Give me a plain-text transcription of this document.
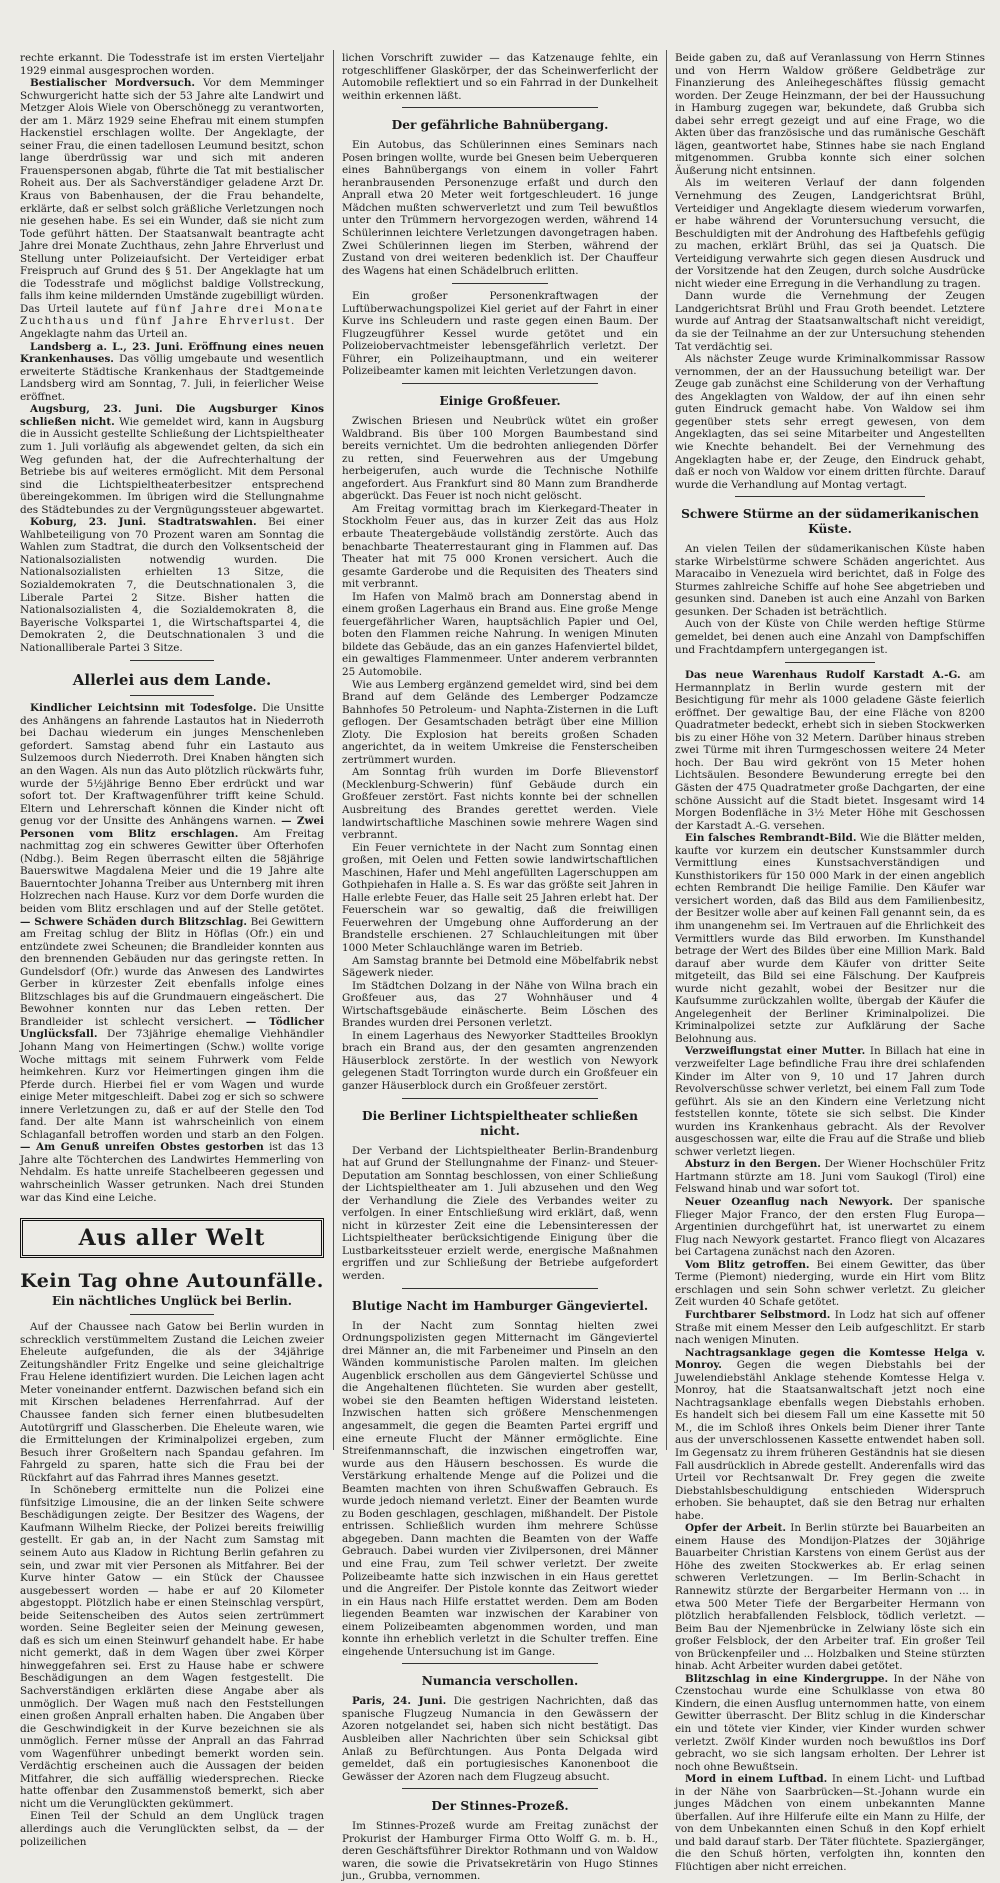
rechte erkannt. Die Todesstrafe ist im ersten Vierteljahr 1929 einmal ausgesprochen worden.

Bestialischer Mordversuch. Vor dem Memminger Schwurgericht hatte sich der 53 Jahre alte Landwirt und Metzger Alois Wiele von Oberschönegg zu verantworten, der am 1. März 1929 seine Ehefrau mit einem stumpfen Hackenstiel erschlagen wollte. Der Angeklagte, der seiner Frau, die einen tadellosen Leumund besitzt, schon lange überdrüssig war und sich mit anderen Frauenspersonen abgab, führte die Tat mit bestialischer Roheit aus. Der als Sachverständiger geladene Arzt Dr. Kraus von Babenhausen, der die Frau behandelte, erklärte, daß er selbst solch gräßliche Verletzungen noch nie gesehen habe. Es sei ein Wunder, daß sie nicht zum Tode geführt hätten. Der Staatsanwalt beantragte acht Jahre drei Monate Zuchthaus, zehn Jahre Ehrverlust und Stellung unter Polizeiaufsicht. Der Verteidiger erbat Freispruch auf Grund des § 51. Der Angeklagte hat um die Todesstrafe und möglichst baldige Vollstreckung, falls ihm keine mildernden Umstände zugebilligt würden. Das Urteil lautete auf fünf Jahre drei Monate Zuchthaus und fünf Jahre Ehrverlust. Der Angeklagte nahm das Urteil an.

Landsberg a. L., 23. Juni. Eröffnung eines neuen Krankenhauses. Das völlig umgebaute und wesentlich erweiterte Städtische Krankenhaus der Stadtgemeinde Landsberg wird am Sonntag, 7. Juli, in feierlicher Weise eröffnet.

Augsburg, 23. Juni. Die Augsburger Kinos schließen nicht. Wie gemeldet wird, kann in Augsburg die in Aussicht gestellte Schließung der Lichtspieltheater zum 1. Juli vorläufig als abgewendet gelten, da sich ein Weg gefunden hat, der die Aufrechterhaltung der Betriebe bis auf weiteres ermöglicht. Mit dem Personal sind die Lichtspieltheaterbesitzer entsprechend übereingekommen. Im übrigen wird die Stellungnahme des Städtebundes zu der Vergnügungssteuer abgewartet.

Koburg, 23. Juni. Stadtratswahlen. Bei einer Wahlbeteiligung von 70 Prozent waren am Sonntag die Wahlen zum Stadtrat, die durch den Volksentscheid der Nationalsozialisten notwendig wurden. Die Nationalsozialisten erhielten 13 Sitze, die Sozialdemokraten 7, die Deutschnationalen 3, die Liberale Partei 2 Sitze. Bisher hatten die Nationalsozialisten 4, die Sozialdemokraten 8, die Bayerische Volkspartei 1, die Wirtschaftspartei 4, die Demokraten 2, die Deutschnationalen 3 und die Nationalliberale Partei 3 Sitze.

Allerlei aus dem Lande.

Kindlicher Leichtsinn mit Todesfolge. Die Unsitte des Anhängens an fahrende Lastautos hat in Niederroth bei Dachau wiederum ein junges Menschenleben gefordert. Samstag abend fuhr ein Lastauto aus Sulzemoos durch Niederroth. Drei Knaben hängten sich an den Wagen. Als nun das Auto plötzlich rückwärts fuhr, wurde der 5½jährige Benno Eber erdrückt und war sofort tot. Der Kraftwagenführer trifft keine Schuld. Eltern und Lehrerschaft können die Kinder nicht oft genug vor der Unsitte des Anhängens warnen. — Zwei Personen vom Blitz erschlagen. Am Freitag nachmittag zog ein schweres Gewitter über Ofterhofen (Ndbg.). Beim Regen überrascht eilten die 58jährige Bauerswitwe Magdalena Meier und die 19 Jahre alte Bauerntochter Johanna Treiber aus Unternberg mit ihren Holzrechen nach Hause. Kurz vor dem Dorfe wurden die beiden vom Blitz erschlagen und auf der Stelle getötet. — Schwere Schäden durch Blitzschlag. Bei Gewittern am Freitag schlug der Blitz in Höflas (Ofr.) ein und entzündete zwei Scheunen; die Brandleider konnten aus den brennenden Gebäuden nur das geringste retten. In Gundelsdorf (Ofr.) wurde das Anwesen des Landwirtes Gerber in kürzester Zeit ebenfalls infolge eines Blitzschlages bis auf die Grundmauern eingeäschert. Die Bewohner konnten nur das Leben retten. Der Brandleider ist schlecht versichert. — Tödlicher Unglücksfall. Der 73jährige ehemalige Viehhändler Johann Mang von Heimertingen (Schw.) wollte vorige Woche mittags mit seinem Fuhrwerk vom Felde heimkehren. Kurz vor Heimertingen gingen ihm die Pferde durch. Hierbei fiel er vom Wagen und wurde einige Meter mitgeschleift. Dabei zog er sich so schwere innere Verletzungen zu, daß er auf der Stelle den Tod fand. Der alte Mann ist wahrscheinlich von einem Schlaganfall betroffen worden und starb an den Folgen. — Am Genuß unreifen Obstes gestorben ist das 13 Jahre alte Töchterchen des Landwirtes Hemmerling von Nehdalm. Es hatte unreife Stachelbeeren gegessen und wahrscheinlich Wasser getrunken. Nach drei Stunden war das Kind eine Leiche.

Aus aller Welt
Kein Tag ohne Autounfälle.
Ein nächtliches Unglück bei Berlin.

Auf der Chaussee nach Gatow bei Berlin wurden in schrecklich verstümmeltem Zustand die Leichen zweier Eheleute aufgefunden, die als der 34jährige Zeitungshändler Fritz Engelke und seine gleichaltrige Frau Helene identifiziert wurden. Die Leichen lagen acht Meter voneinander entfernt. Dazwischen befand sich ein mit Kirschen beladenes Herrenfahrrad. Auf der Chaussee fanden sich ferner einen blutbesudelten Autotürgriff und Glasscherben. Die Eheleute waren, wie die Ermittelungen der Kriminalpolizei ergeben, zum Besuch ihrer Großeltern nach Spandau gefahren. Im Fahrgeld zu sparen, hatte sich die Frau bei der Rückfahrt auf das Fahrrad ihres Mannes gesetzt.

In Schöneberg ermittelte nun die Polizei eine fünfsitzige Limousine, die an der linken Seite schwere Beschädigungen zeigte. Der Besitzer des Wagens, der Kaufmann Wilhelm Riecke, der Polizei bereits freiwillig gestellt. Er gab an, in der Nacht zum Samstag mit seinem Auto aus Kladow in Richtung Berlin gefahren zu sein, und zwar mit vier Personen als Mitfahrer. Bei der Kurve hinter Gatow — ein Stück der Chaussee ausgebessert worden — habe er auf 20 Kilometer abgestoppt. Plötzlich habe er einen Steinschlag verspürt, beide Seitenscheiben des Autos seien zertrümmert worden. Seine Begleiter seien der Meinung gewesen, daß es sich um einen Steinwurf gehandelt habe. Er habe nicht gemerkt, daß in dem Wagen über zwei Körper hinweggefahren sei. Erst zu Hause habe er schwere Beschädigungen an dem Wagen festgestellt. Die Sachverständigen erklärten diese Angabe aber als unmöglich. Der Wagen muß nach den Feststellungen einen großen Anprall erhalten haben. Die Angaben über die Geschwindigkeit in der Kurve bezeichnen sie als unmöglich. Ferner müsse der Anprall an das Fahrrad vom Wagenführer unbedingt bemerkt worden sein. Verdächtig erscheinen auch die Aussagen der beiden Mitfahrer, die sich auffällig wiedersprechen. Riecke hatte offenbar den Zusammenstoß bemerkt, sich aber nicht um die Verunglückten gekümmert.

Einen Teil der Schuld an dem Unglück tragen allerdings auch die Verunglückten selbst, da — der polizeilichen

lichen Vorschrift zuwider — das Katzenauge fehlte, ein rotgeschliffener Glaskörper, der das Scheinwerferlicht der Automobile reflektiert und so ein Fahrrad in der Dunkelheit weithin erkennen läßt.

Der gefährliche Bahnübergang.

Ein Autobus, das Schülerinnen eines Seminars nach Posen bringen wollte, wurde bei Gnesen beim Ueberqueren eines Bahnübergangs von einem in voller Fahrt heranbrausenden Personenzuge erfaßt und durch den Anprall etwa 20 Meter weit fortgeschleudert. 16 junge Mädchen mußten schwerverletzt und zum Teil bewußtlos unter den Trümmern hervorgezogen werden, während 14 Schülerinnen leichtere Verletzungen davongetragen haben. Zwei Schülerinnen liegen im Sterben, während der Zustand von drei weiteren bedenklich ist. Der Chauffeur des Wagens hat einen Schädelbruch erlitten.

Ein großer Personenkraftwagen der Luftüberwachungspolizei Kiel geriet auf der Fahrt in einer Kurve ins Schleudern und raste gegen einen Baum. Der Flugzeugführer Kessel wurde getötet und ein Polizeiobervachtmeister lebensgefährlich verletzt. Der Führer, ein Polizeihauptmann, und ein weiterer Polizeibeamter kamen mit leichten Verletzungen davon.

Einige Großfeuer.

Zwischen Briesen und Neubrück wütet ein großer Waldbrand. Bis über 100 Morgen Baumbestand sind bereits vernichtet. Um die bedrohten anliegenden Dörfer zu retten, sind Feuerwehren aus der Umgebung herbeigerufen, auch wurde die Technische Nothilfe angefordert. Aus Frankfurt sind 80 Mann zum Brandherde abgerückt. Das Feuer ist noch nicht gelöscht.

Am Freitag vormittag brach im Kierkegard-Theater in Stockholm Feuer aus, das in kurzer Zeit das aus Holz erbaute Theatergebäude vollständig zerstörte. Auch das benachbarte Theaterrestaurant ging in Flammen auf. Das Theater hat mit 75 000 Kronen versichert. Auch die gesamte Garderobe und die Requisiten des Theaters sind mit verbrannt.

Im Hafen von Malmö brach am Donnerstag abend in einem großen Lagerhaus ein Brand aus. Eine große Menge feuergefährlicher Waren, hauptsächlich Papier und Oel, boten den Flammen reiche Nahrung. In wenigen Minuten bildete das Gebäude, das an ein ganzes Hafenviertel bildet, ein gewaltiges Flammenmeer. Unter anderem verbrannten 25 Automobile.

Wie aus Lemberg ergänzend gemeldet wird, sind bei dem Brand auf dem Gelände des Lemberger Podzamcze Bahnhofes 50 Petroleum- und Naphta-Zisternen in die Luft geflogen. Der Gesamtschaden beträgt über eine Million Zloty. Die Explosion hat bereits großen Schaden angerichtet, da in weitem Umkreise die Fensterscheiben zertrümmert wurden.

Am Sonntag früh wurden im Dorfe Blievenstorf (Mecklenburg-Schwerin) fünf Gebäude durch ein Großfeuer zerstört. Fast nichts konnte bei der schnellen Ausbreitung des Brandes gerettet werden. Viele landwirtschaftliche Maschinen sowie mehrere Wagen sind verbrannt.

Ein Feuer vernichtete in der Nacht zum Sonntag einen großen, mit Oelen und Fetten sowie landwirtschaftlichen Maschinen, Hafer und Mehl angefüllten Lagerschuppen am Gothpiehafen in Halle a. S. Es war das größte seit Jahren in Halle erlebte Feuer, das Halle seit 25 Jahren erlebt hat. Der Feuerschein war so gewaltig, daß die freiwilligen Feuerwehren der Umgebung ohne Aufforderung an der Brandstelle erschienen. 27 Schlauchleitungen mit über 1000 Meter Schlauchlänge waren im Betrieb.

Am Samstag brannte bei Detmold eine Möbelfabrik nebst Sägewerk nieder.

Im Städtchen Dolzang in der Nähe von Wilna brach ein Großfeuer aus, das 27 Wohnhäuser und 4 Wirtschaftsgebäude einäscherte. Beim Löschen des Brandes wurden drei Personen verletzt.

In einem Lagerhaus des Newyorker Stadtteiles Brooklyn brach ein Brand aus, der den gesamten angrenzenden Häuserblock zerstörte. In der westlich von Newyork gelegenen Stadt Torrington wurde durch ein Großfeuer ein ganzer Häuserblock durch ein Großfeuer zerstört.

Die Berliner Lichtspieltheater schließen nicht.

Der Verband der Lichtspieltheater Berlin-Brandenburg hat auf Grund der Stellungnahme der Finanz- und Steuer-Deputation am Sonntag beschlossen, von einer Schließung der Lichtspieltheater am 1. Juli abzusehen und den Weg der Verhandlung die Ziele des Verbandes weiter zu verfolgen. In einer Entschließung wird erklärt, daß, wenn nicht in kürzester Zeit eine die Lebensinteressen der Lichtspieltheater berücksichtigende Einigung über die Lustbarkeitssteuer erzielt werde, energische Maßnahmen ergriffen und zur Schließung der Betriebe aufgefordert werden.

Blutige Nacht im Hamburger Gängeviertel.

In der Nacht zum Sonntag hielten zwei Ordnungspolizisten gegen Mitternacht im Gängeviertel drei Männer an, die mit Farbeneimer und Pinseln an den Wänden kommunistische Parolen malten. Im gleichen Augenblick erschollen aus dem Gängeviertel Schüsse und die Angehaltenen flüchteten. Sie wurden aber gestellt, wobei sie den Beamten heftigen Widerstand leisteten. Inzwischen hatten sich größere Menschenmengen angesammelt, die gegen die Beamten Partei ergriff und eine erneute Flucht der Männer ermöglichte. Eine Streifenmannschaft, die inzwischen eingetroffen war, wurde aus den Häusern beschossen. Es wurde die Verstärkung erhaltende Menge auf die Polizei und die Beamten machten von ihren Schußwaffen Gebrauch. Es wurde jedoch niemand verletzt. Einer der Beamten wurde zu Boden geschlagen, geschlagen, mißhandelt. Der Pistole entrissen. Schließlich wurden ihm mehrere Schüsse abgegeben. Dann machten die Beamten von der Waffe Gebrauch. Dabei wurden vier Zivilpersonen, drei Männer und eine Frau, zum Teil schwer verletzt. Der zweite Polizeibeamte hatte sich inzwischen in ein Haus gerettet und die Angreifer. Der Pistole konnte das Zeitwort wieder in ein Haus nach Hilfe erstattet werden. Dem am Boden liegenden Beamten war inzwischen der Karabiner von einem Polizeibeamten abgenommen worden, und man konnte ihn erheblich verletzt in die Schulter treffen. Eine eingehende Untersuchung ist im Gange.

Numancia verschollen.

Paris, 24. Juni. Die gestrigen Nachrichten, daß das spanische Flugzeug Numancia in den Gewässern der Azoren notgelandet sei, haben sich nicht bestätigt. Das Ausbleiben aller Nachrichten über sein Schicksal gibt Anlaß zu Befürchtungen. Aus Ponta Delgada wird gemeldet, daß ein portugiesisches Kanonenboot die Gewässer der Azoren nach dem Flugzeug absucht.

Der Stinnes-Prozeß.

Im Stinnes-Prozeß wurde am Freitag zunächst der Prokurist der Hamburger Firma Otto Wolff G. m. b. H., deren Geschäftsführer Direktor Rothmann und von Waldow waren, die sowie die Privatsekretärin von Hugo Stinnes jun., Grubba, vernommen.

Beide gaben zu, daß auf Veranlassung von Herrn Stinnes und von Herrn Waldow größere Geldbeträge zur Finanzierung des Anleihegeschäftes flüssig gemacht worden. Der Zeuge Heinzmann, der bei der Haussuchung in Hamburg zugegen war, bekundete, daß Grubba sich dabei sehr erregt gezeigt und auf eine Frage, wo die Akten über das französische und das rumänische Geschäft lägen, geantwortet habe, Stinnes habe sie nach England mitgenommen. Grubba konnte sich einer solchen Äußerung nicht entsinnen.

Als im weiteren Verlauf der dann folgenden Vernehmung des Zeugen, Landgerichtsrat Brühl, Verteidiger und Angeklagte diesem wiederum vorwarfen, er habe während der Voruntersuchung versucht, die Beschuldigten mit der Androhung des Haftbefehls gefügig zu machen, erklärt Brühl, das sei ja Quatsch. Die Verteidigung verwahrte sich gegen diesen Ausdruck und der Vorsitzende hat den Zeugen, durch solche Ausdrücke nicht wieder eine Erregung in die Verhandlung zu tragen.

Dann wurde die Vernehmung der Zeugen Landgerichtsrat Brühl und Frau Groth beendet. Letztere wurde auf Antrag der Staatsanwaltschaft nicht vereidigt, da sie der Teilnahme an der zur Untersuchung stehenden Tat verdächtig sei.

Als nächster Zeuge wurde Kriminalkommissar Rassow vernommen, der an der Haussuchung beteiligt war. Der Zeuge gab zunächst eine Schilderung von der Verhaftung des Angeklagten von Waldow, der auf ihn einen sehr guten Eindruck gemacht habe. Von Waldow sei ihm gegenüber stets sehr erregt gewesen, von dem Angeklagten, das sei seine Mitarbeiter und Angestellten wie Knechte behandelt. Bei der Vernehmung des Angeklagten habe er, der Zeuge, den Eindruck gehabt, daß er noch von Waldow vor einem dritten fürchte. Darauf wurde die Verhandlung auf Montag vertagt.

Schwere Stürme an der südamerikanischen Küste.

An vielen Teilen der südamerikanischen Küste haben starke Wirbelstürme schwere Schäden angerichtet. Aus Maracaibo in Venezuela wird berichtet, daß in Folge des Sturmes zahlreiche Schiffe auf hohe See abgetrieben und gesunken sind. Daneben ist auch eine Anzahl von Barken gesunken. Der Schaden ist beträchtlich.

Auch von der Küste von Chile werden heftige Stürme gemeldet, bei denen auch eine Anzahl von Dampfschiffen und Frachtdampfern untergegangen ist.

Das neue Warenhaus Rudolf Karstadt A.-G. am Hermannplatz in Berlin wurde gestern mit der Besichtigung für mehr als 1000 geladene Gäste feierlich eröffnet. Der gewaltige Bau, der eine Fläche von 8200 Quadratmeter bedeckt, erhebt sich in sieben Stockwerken bis zu einer Höhe von 32 Metern. Darüber hinaus streben zwei Türme mit ihren Turmgeschossen weitere 24 Meter hoch. Der Bau wird gekrönt von 15 Meter hohen Lichtsäulen. Besondere Bewunderung erregte bei den Gästen der 475 Quadratmeter große Dachgarten, der eine schöne Aussicht auf die Stadt bietet. Insgesamt wird 14 Morgen Bodenfläche in 3½ Meter Höhe mit Geschossen der Karstadt A.-G. versehen.

Ein falsches Rembrandt-Bild. Wie die Blätter melden, kaufte vor kurzem ein deutscher Kunstsammler durch Vermittlung eines Kunstsachverständigen und Kunsthistorikers für 150 000 Mark in der einen angeblich echten Rembrandt Die heilige Familie. Den Käufer war versichert worden, daß das Bild aus dem Familienbesitz, der Besitzer wolle aber auf keinen Fall genannt sein, da es ihm unangenehm sei. Im Vertrauen auf die Ehrlichkeit des Vermittlers wurde das Bild erworben. Im Kunsthandel betrage der Wert des Bildes über eine Million Mark. Bald darauf aber wurde dem Käufer von dritter Seite mitgeteilt, das Bild sei eine Fälschung. Der Kaufpreis wurde nicht gezahlt, wobei der Besitzer nur die Kaufsumme zurückzahlen wollte, übergab der Käufer die Angelegenheit der Berliner Kriminalpolizei. Die Kriminalpolizei setzte zur Aufklärung der Sache Belohnung aus.

Verzweiflungstat einer Mutter. In Billach hat eine in verzweifelter Lage befindliche Frau ihre drei schlafenden Kinder im Alter von 9, 10 und 17 Jahren durch Revolverschüsse schwer verletzt, bei einem Fall zum Tode geführt. Als sie an den Kindern eine Verletzung nicht feststellen konnte, tötete sie sich selbst. Die Kinder wurden ins Krankenhaus gebracht. Als der Revolver ausgeschossen war, eilte die Frau auf die Straße und blieb schwer verletzt liegen.

Absturz in den Bergen. Der Wiener Hochschüler Fritz Hartmann stürzte am 18. Juni vom Saukogl (Tirol) eine Felswand hinab und war sofort tot.

Neuer Ozeanflug nach Newyork. Der spanische Flieger Major Franco, der den ersten Flug Europa—Argentinien durchgeführt hat, ist unerwartet zu einem Flug nach Newyork gestartet. Franco fliegt von Alcazares bei Cartagena zunächst nach den Azoren.

Vom Blitz getroffen. Bei einem Gewitter, das über Terme (Piemont) niederging, wurde ein Hirt vom Blitz erschlagen und sein Sohn schwer verletzt. Zu gleicher Zeit wurden 40 Schafe getötet.

Furchtbarer Selbstmord. In Lodz hat sich auf offener Straße mit einem Messer den Leib aufgeschlitzt. Er starb nach wenigen Minuten.

Nachtragsanklage gegen die Komtesse Helga v. Monroy. Gegen die wegen Diebstahls bei der Juwelendiebstähl Anklage stehende Komtesse Helga v. Monroy, hat die Staatsanwaltschaft jetzt noch eine Nachtragsanklage ebenfalls wegen Diebstahls erhoben. Es handelt sich bei diesem Fall um eine Kassette mit 50 M., die im Schloß ihres Onkels beim Diener ihrer Tante aus der unverschlossenen Kassette entwendet haben soll. Im Gegensatz zu ihrem früheren Geständnis hat sie diesen Fall ausdrücklich in Abrede gestellt. Anderenfalls wird das Urteil vor Rechtsanwalt Dr. Frey gegen die zweite Diebstahlsbeschuldigung entschieden Widerspruch erhoben. Sie behauptet, daß sie den Betrag nur erhalten habe.

Opfer der Arbeit. In Berlin stürzte bei Bauarbeiten an einem Hause des Mondijon-Platzes der 30jährige Bauarbeiter Christian Karstens von einem Gerüst aus der Höhe des zweiten Stockwerkes ab. Er erlag seinen schweren Verletzungen. — Im Berlin-Schacht in Rannewitz stürzte der Bergarbeiter Hermann von ... in etwa 500 Meter Tiefe der Bergarbeiter Hermann von plötzlich herabfallenden Felsblock, tödlich verletzt. — Beim Bau der Njemenbrücke in Zelwiany löste sich ein großer Felsblock, der den Arbeiter traf. Ein großer Teil von Brückenpfeiler und ... Holzbalken und Steine stürzten hinab. Acht Arbeiter wurden dabei getötet.

Blitzschlag in eine Kindergruppe. In der Nähe von Czenstochau wurde eine Schulklasse von etwa 80 Kindern, die einen Ausflug unternommen hatte, von einem Gewitter überrascht. Der Blitz schlug in die Kinderschar ein und tötete vier Kinder, vier Kinder wurden schwer verletzt. Zwölf Kinder wurden noch bewußtlos ins Dorf gebracht, wo sie sich langsam erholten. Der Lehrer ist noch ohne Bewußtsein.

Mord in einem Luftbad. In einem Licht- und Luftbad in der Nähe von Saarbrücken—St.-Johann wurde ein junges Mädchen von einem unbekannten Manne überfallen. Auf ihre Hilferufe eilte ein Mann zu Hilfe, der von dem Unbekannten einen Schuß in den Kopf erhielt und bald darauf starb. Der Täter flüchtete. Spaziergänger, die den Schuß hörten, verfolgten ihn, konnten den Flüchtigen aber nicht erreichen.
